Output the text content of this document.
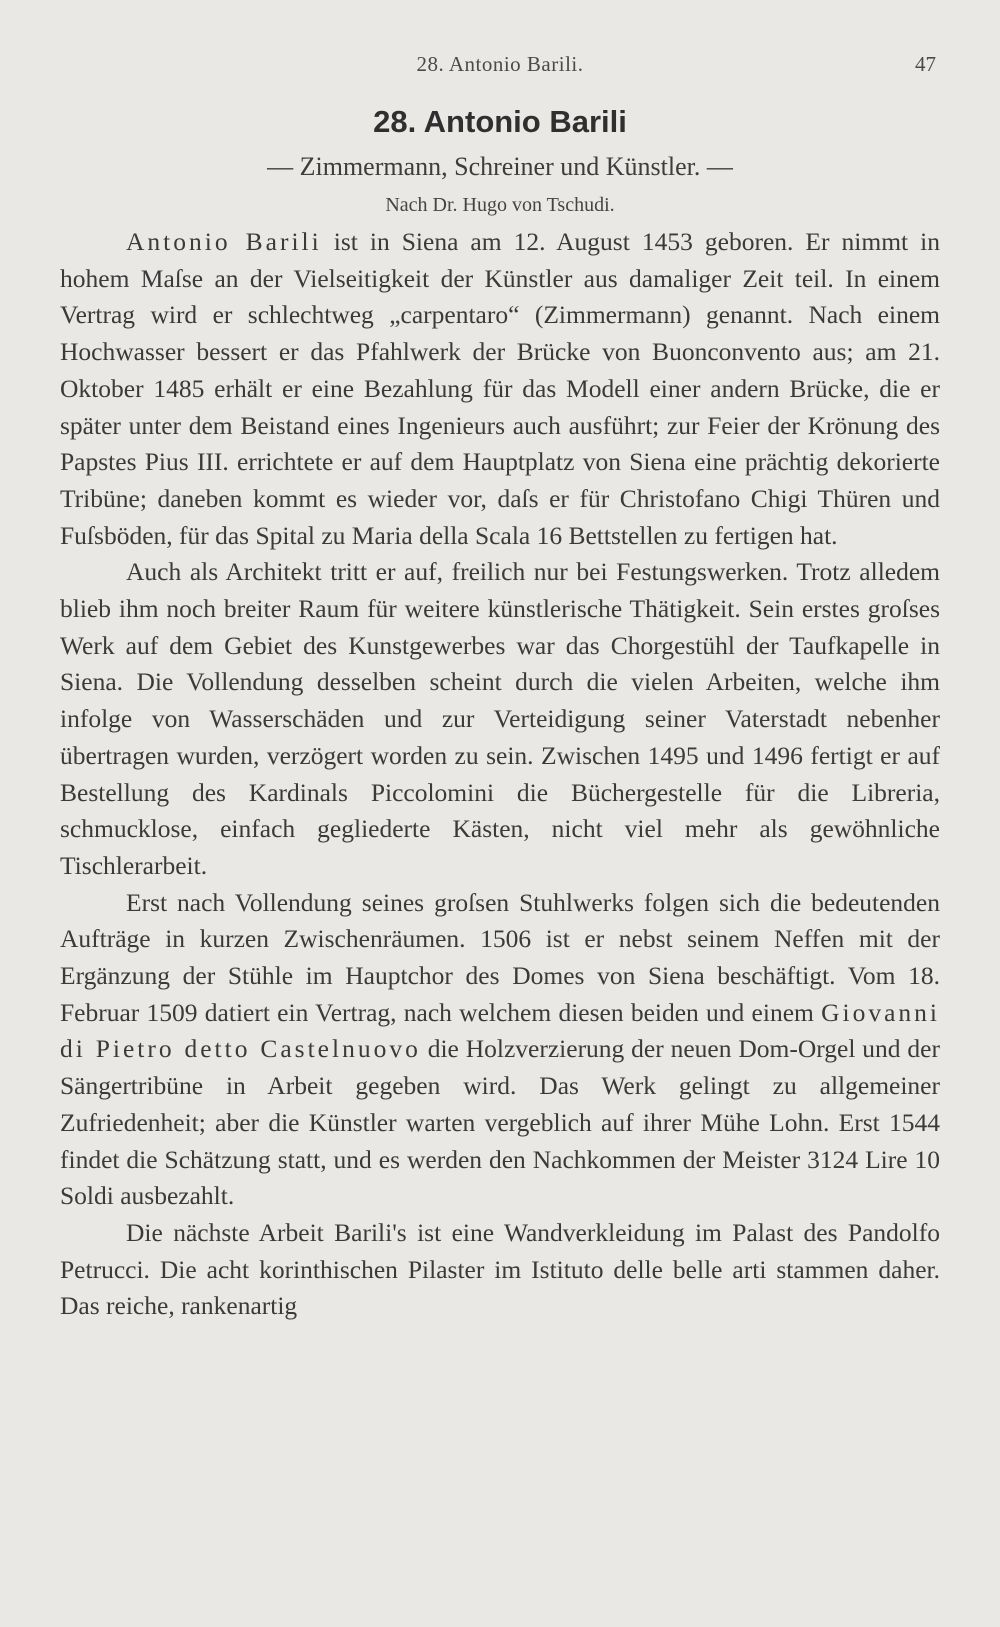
28. Antonio Barili.	47
28. Antonio Barili
— Zimmermann, Schreiner und Künstler. —
Nach Dr. Hugo von Tschudi.

Antonio Barili ist in Siena am 12. August 1453 geboren. Er nimmt in hohem Maſse an der Vielseitigkeit der Künstler aus damaliger Zeit teil. In einem Vertrag wird er schlechtweg „carpentaro“ (Zimmermann) genannt. Nach einem Hochwasser bessert er das Pfahlwerk der Brücke von Buonconvento aus; am 21. Oktober 1485 erhält er eine Bezahlung für das Modell einer andern Brücke, die er später unter dem Beistand eines Ingenieurs auch ausführt; zur Feier der Krönung des Papstes Pius III. errichtete er auf dem Hauptplatz von Siena eine prächtig dekorierte Tribüne; daneben kommt es wieder vor, daſs er für Christofano Chigi Thüren und Fuſsböden, für das Spital zu Maria della Scala 16 Bettstellen zu fertigen hat.

Auch als Architekt tritt er auf, freilich nur bei Festungswerken. Trotz alledem blieb ihm noch breiter Raum für weitere künstlerische Thätigkeit. Sein erstes groſses Werk auf dem Gebiet des Kunstgewerbes war das Chorgestühl der Taufkapelle in Siena. Die Vollendung desselben scheint durch die vielen Arbeiten, welche ihm infolge von Wasserschäden und zur Verteidigung seiner Vaterstadt nebenher übertragen wurden, verzögert worden zu sein. Zwischen 1495 und 1496 fertigt er auf Bestellung des Kardinals Piccolomini die Büchergestelle für die Libreria, schmucklose, einfach gegliederte Kästen, nicht viel mehr als gewöhnliche Tischlerarbeit.

Erst nach Vollendung seines groſsen Stuhlwerks folgen sich die bedeutenden Aufträge in kurzen Zwischenräumen. 1506 ist er nebst seinem Neffen mit der Ergänzung der Stühle im Hauptchor des Domes von Siena beschäftigt. Vom 18. Februar 1509 datiert ein Vertrag, nach welchem diesen beiden und einem Giovanni di Pietro detto Castelnuovo die Holzverzierung der neuen Dom-Orgel und der Sängertribüne in Arbeit gegeben wird. Das Werk gelingt zu allgemeiner Zufriedenheit; aber die Künstler warten vergeblich auf ihrer Mühe Lohn. Erst 1544 findet die Schätzung statt, und es werden den Nachkommen der Meister 3124 Lire 10 Soldi ausbezahlt.

Die nächste Arbeit Barili's ist eine Wandverkleidung im Palast des Pandolfo Petrucci. Die acht korinthischen Pilaster im Istituto delle belle arti stammen daher. Das reiche, rankenartig
